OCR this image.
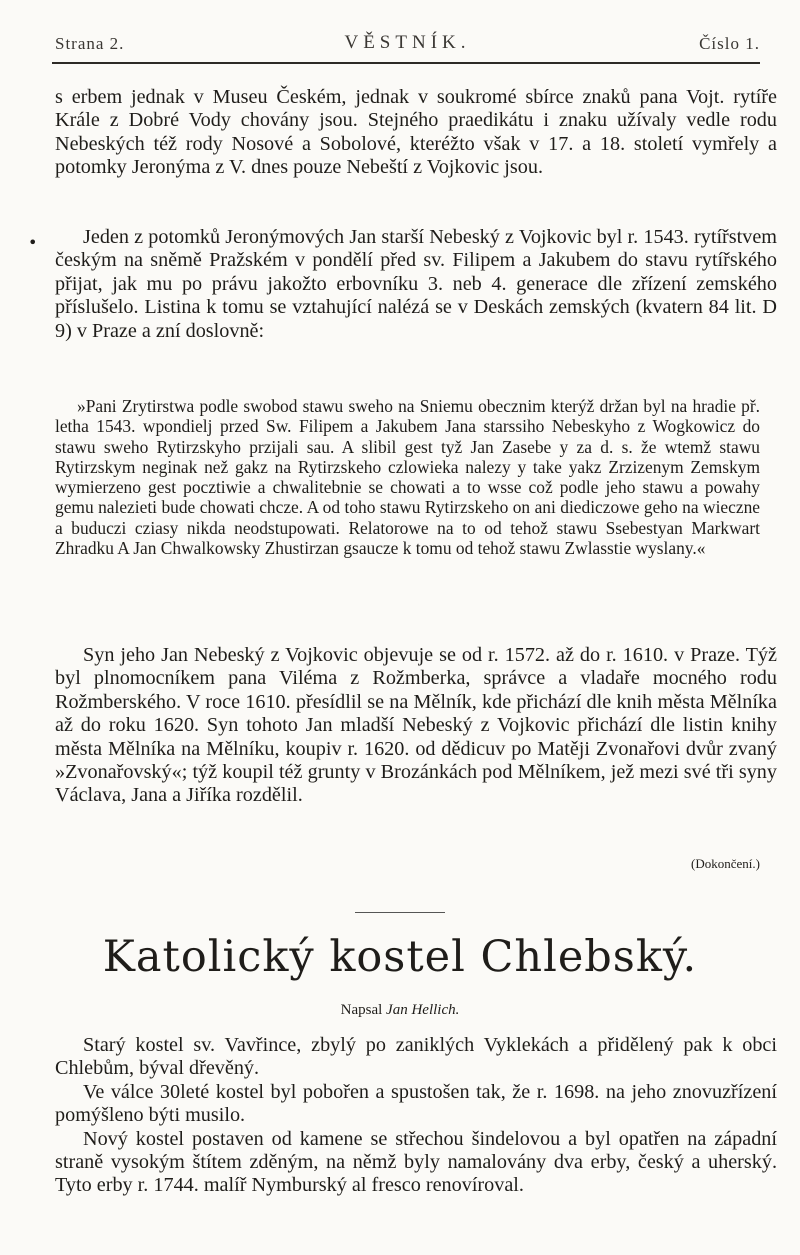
Strana 2.	VĚSTNÍK.	Číslo 1.

s erbem jednak v Museu Českém, jednak v soukromé sbírce znaků pana Vojt. rytíře Krále z Dobré Vody chovány jsou. Stejného praedikátu i znaku užívaly vedle rodu Nebeských též rody Nosové a Sobolové, kteréžto však v 17. a 18. století vymřely a potomky Jeronýma z V. dnes pouze Nebeští z Vojkovic jsou.

•	Jeden z potomků Jeronýmových Jan starší Nebeský z Vojkovic byl r. 1543. rytířstvem českým na sněmě Pražském v pondělí před sv. Filipem a Jakubem do stavu rytířského přijat, jak mu po právu jakožto erbovníku 3. neb 4. generace dle zřízení zemského příslušelo. Listina k tomu se vztahující nalézá se v Deskách zemských (kvatern 84 lit. D 9) v Praze a zní doslovně:

»Pani Zrytirstwa podle swobod stawu sweho na Sniemu obecznim kterýž držan byl na hradie př. letha 1543. wpondielj przed Sw. Filipem a Jakubem Jana starssiho Nebeskyho z Wogkowicz do stawu sweho Rytirzskyho przijali sau. A slibil gest tyž Jan Zasebe y za d. s. že wtemž stawu Rytirzskym neginak než gakz na Rytirzskeho czlowieka nalezy y take yakz Zrzizenym Zemskym wymierzeno gest pocztiwie a chwalitebnie se chowati a to wsse což podle jeho stawu a powahy gemu nalezieti bude chowati chcze. A od toho stawu Rytirzskeho on ani diediczowe geho na wieczne a buduczi cziasy nikda neodstupowati. Relatorowe na to od tehož stawu Ssebestyan Markwart Zhradku A Jan Chwalkowsky Zhustirzan gsaucze k tomu od tehož stawu Zwlasstie wyslany.«

Syn jeho Jan Nebeský z Vojkovic objevuje se od r. 1572. až do r. 1610. v Praze. Týž byl plnomocníkem pana Viléma z Rožmberka, správce a vladaře mocného rodu Rožmberského. V roce 1610. přesídlil se na Mělník, kde přichází dle knih města Mělníka až do roku 1620. Syn tohoto Jan mladší Nebeský z Vojkovic přichází dle listin knihy města Mělníka na Mělníku, koupiv r. 1620. od dědicuv po Matěji Zvonařovi dvůr zvaný »Zvonařovský«; týž koupil též grunty v Brozánkách pod Mělníkem, jež mezi své tři syny Václava, Jana a Jiříka rozdělil.

(Dokončení.)
Katolický kostel Chlebský.
Napsal Jan Hellich.

Starý kostel sv. Vavřince, zbylý po zaniklých Vyklekách a přidělený pak k obci Chlebům, býval dřevěný.

Ve válce 30leté kostel byl pobořen a spustošen tak, že r. 1698. na jeho znovuzřízení pomýšleno býti musilo.

Nový kostel postaven od kamene se střechou šindelovou a byl opatřen na západní straně vysokým štítem zděným, na němž byly namalovány dva erby, český a uherský. Tyto erby r. 1744. malíř Nymburský al fresco renovíroval.
